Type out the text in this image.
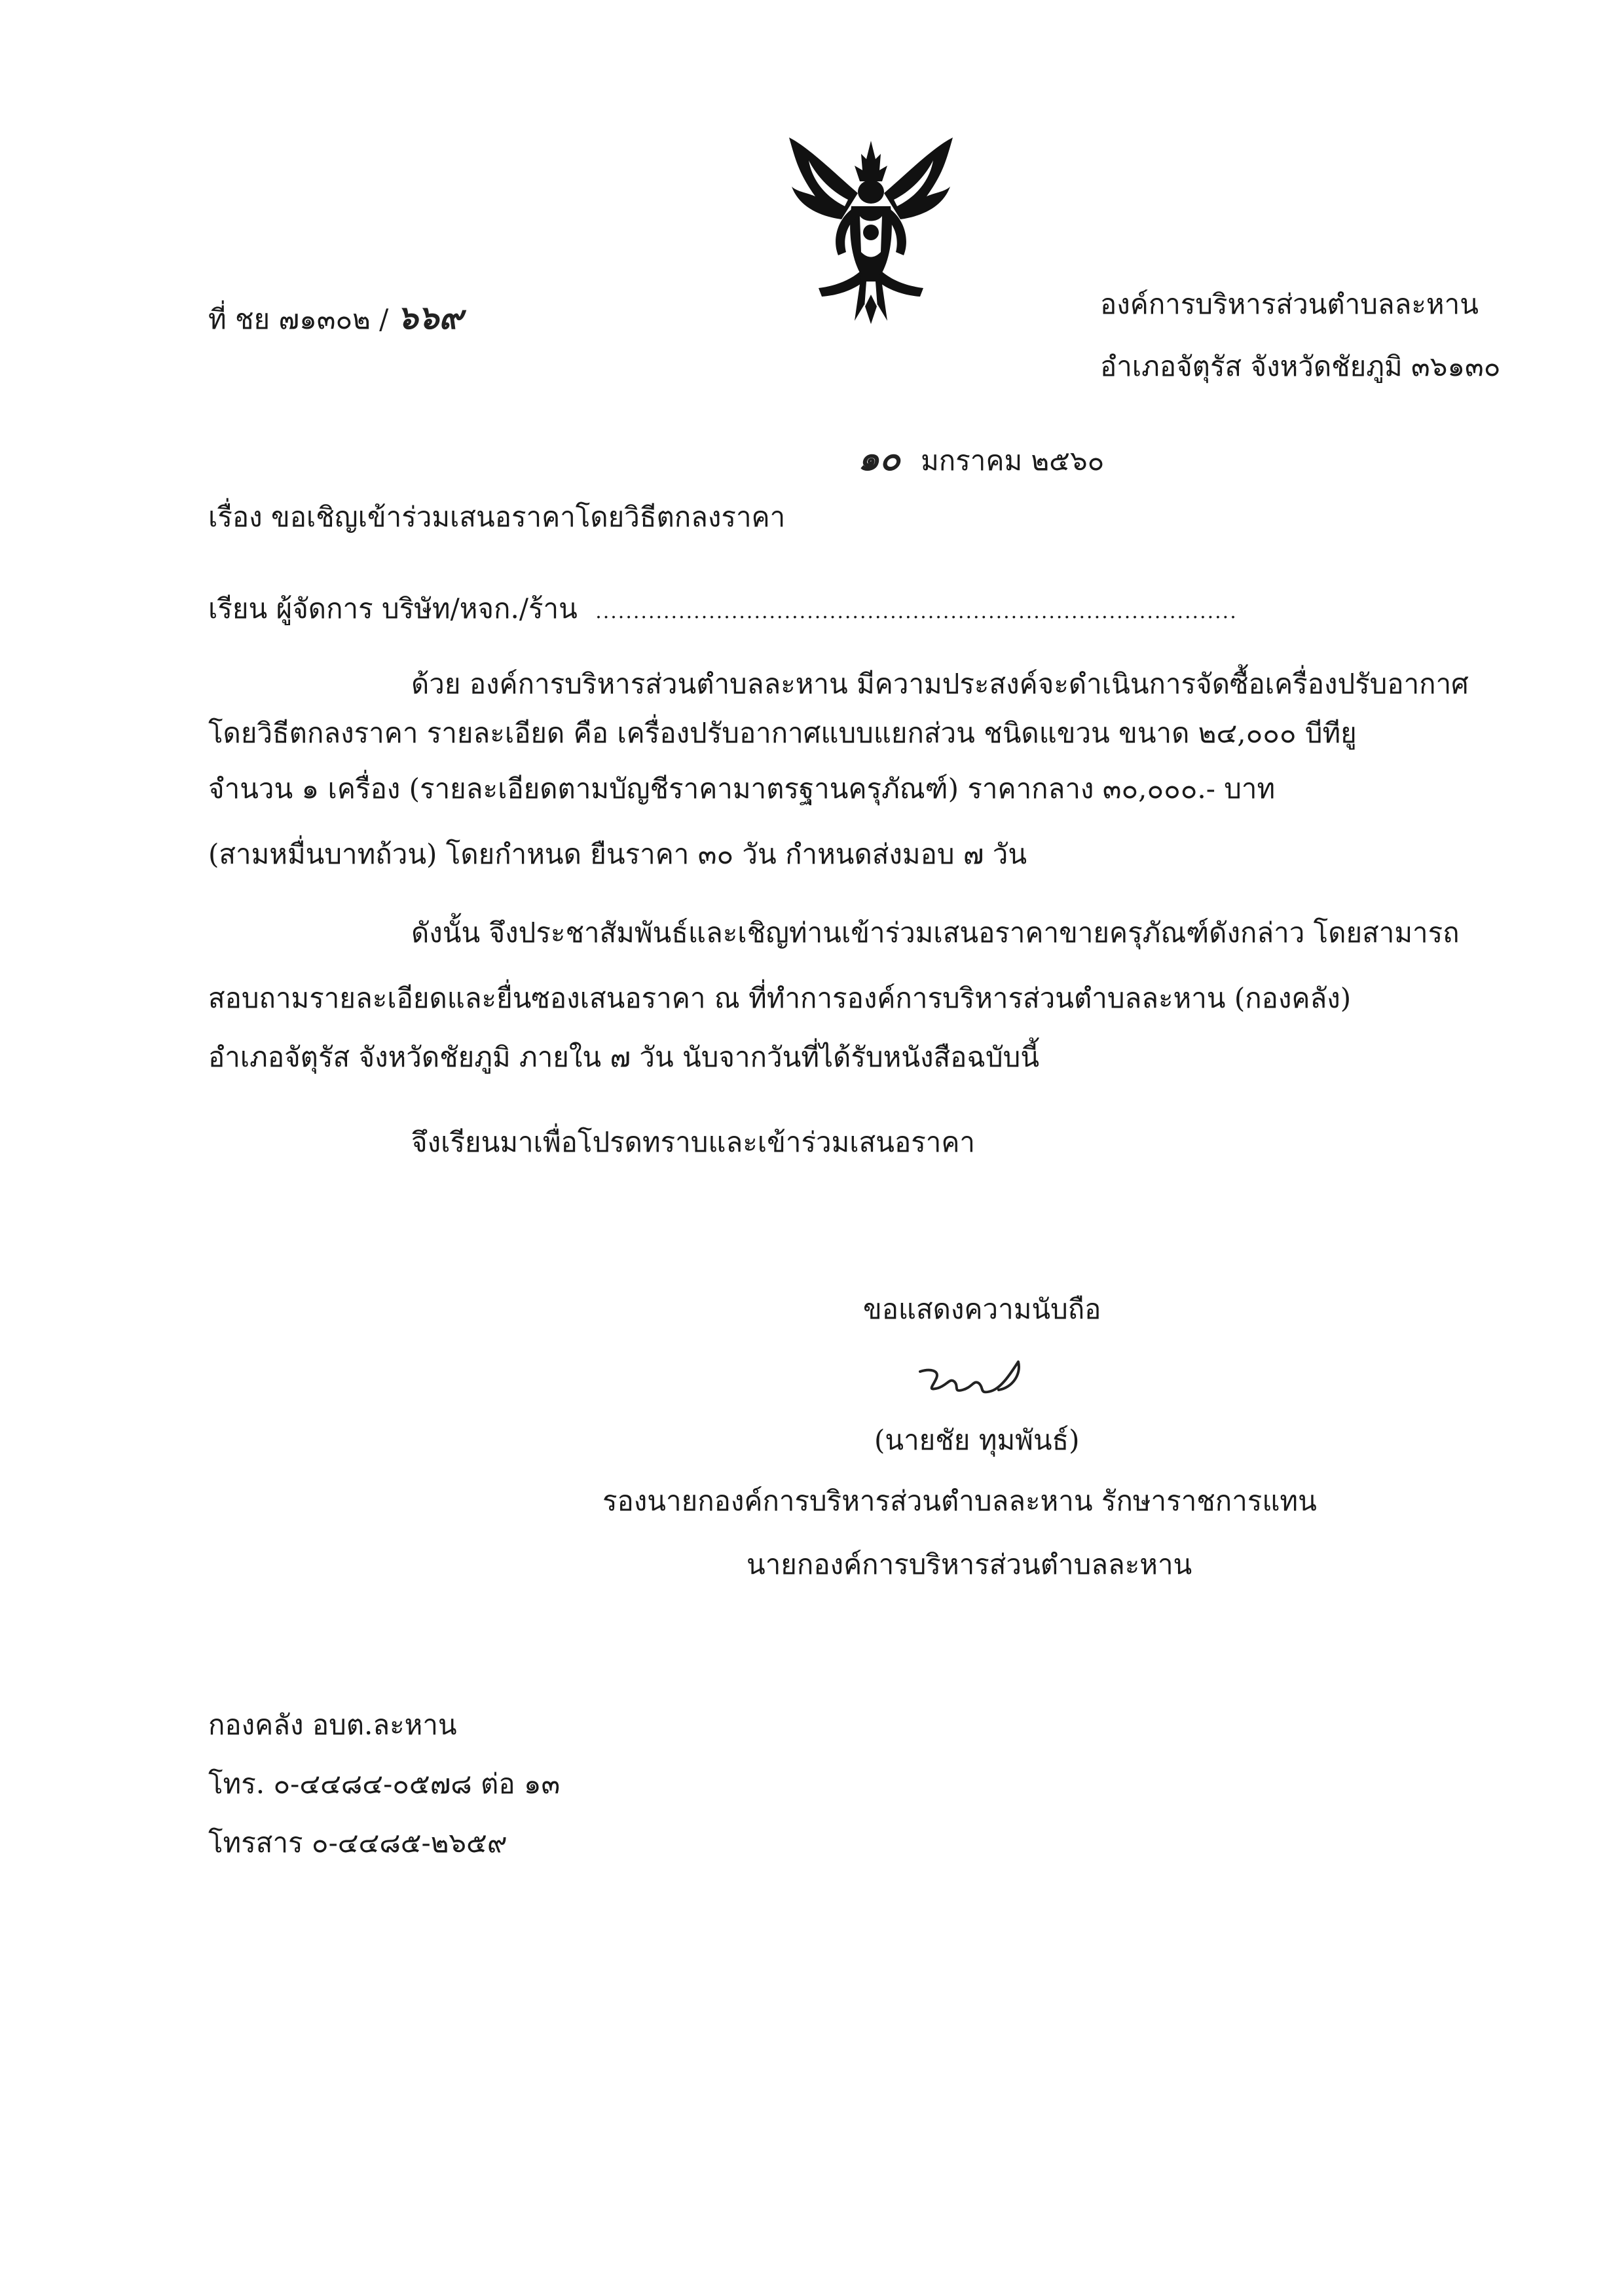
ที่ ชย ๗๑๓๐๒ / ๖๖๙	องค์การบริหารส่วนตำบลละหาน
อำเภอจัตุรัส จังหวัดชัยภูมิ ๓๖๑๓๐
๑๐ มกราคม ๒๕๖๐
เรื่อง ขอเชิญเข้าร่วมเสนอราคาโดยวิธีตกลงราคา
เรียน ผู้จัดการ บริษัท/หจก./ร้าน .....................................................................................
ด้วย องค์การบริหารส่วนตำบลละหาน มีความประสงค์จะดำเนินการจัดซื้อเครื่องปรับอากาศ
โดยวิธีตกลงราคา รายละเอียด คือ เครื่องปรับอากาศแบบแยกส่วน ชนิดแขวน ขนาด ๒๔,๐๐๐ บีทียู
จำนวน ๑ เครื่อง (รายละเอียดตามบัญชีราคามาตรฐานครุภัณฑ์) ราคากลาง ๓๐,๐๐๐.- บาท
(สามหมื่นบาทถ้วน) โดยกำหนด ยืนราคา ๓๐ วัน กำหนดส่งมอบ ๗ วัน
ดังนั้น จึงประชาสัมพันธ์และเชิญท่านเข้าร่วมเสนอราคาขายครุภัณฑ์ดังกล่าว โดยสามารถ
สอบถามรายละเอียดและยื่นซองเสนอราคา ณ ที่ทำการองค์การบริหารส่วนตำบลละหาน (กองคลัง)
อำเภอจัตุรัส จังหวัดชัยภูมิ ภายใน ๗ วัน นับจากวันที่ได้รับหนังสือฉบับนี้
จึงเรียนมาเพื่อโปรดทราบและเข้าร่วมเสนอราคา
ขอแสดงความนับถือ
(นายชัย ทุมพันธ์)
รองนายกองค์การบริหารส่วนตำบลละหาน รักษาราชการแทน
นายกองค์การบริหารส่วนตำบลละหาน
กองคลัง อบต.ละหาน
โทร. ๐-๔๔๘๔-๐๕๗๘ ต่อ ๑๓
โทรสาร ๐-๔๔๘๕-๒๖๕๙
